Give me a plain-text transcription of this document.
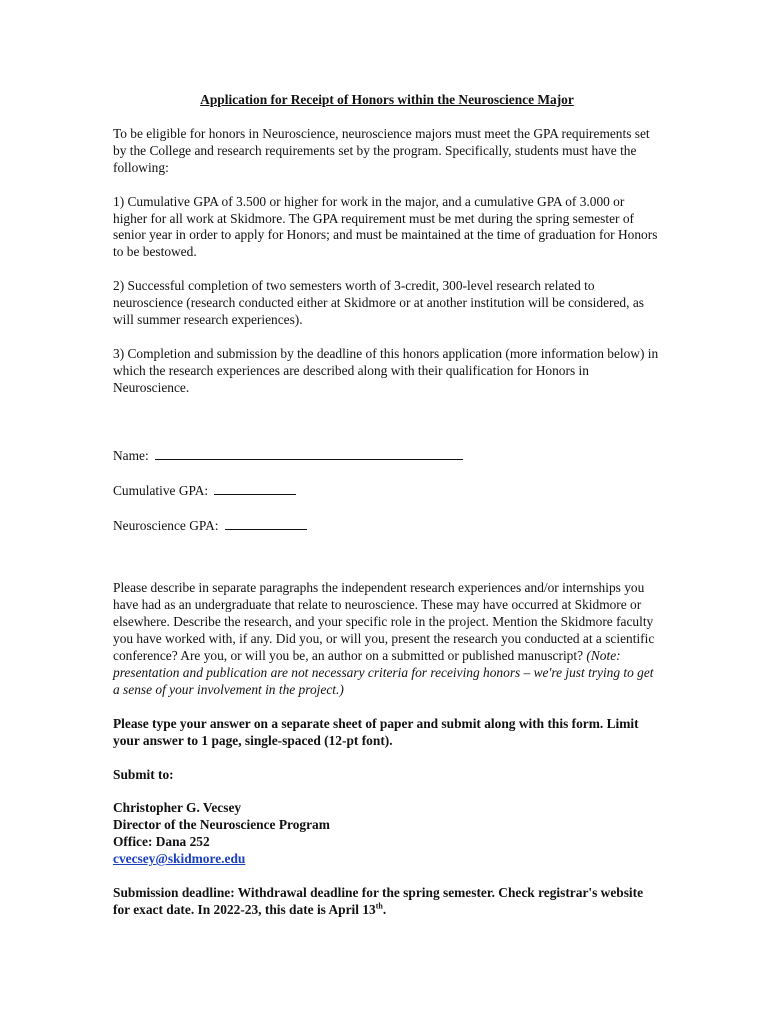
Application for Receipt of Honors within the Neuroscience Major

To be eligible for honors in Neuroscience, neuroscience majors must meet the GPA requirements set by the College and research requirements set by the program. Specifically, students must have the following:

1) Cumulative GPA of 3.500 or higher for work in the major, and a cumulative GPA of 3.000 or higher for all work at Skidmore. The GPA requirement must be met during the spring semester of senior year in order to apply for Honors; and must be maintained at the time of graduation for Honors to be bestowed.

2) Successful completion of two semesters worth of 3-credit, 300-level research related to neuroscience (research conducted either at Skidmore or at another institution will be considered, as will summer research experiences).

3) Completion and submission by the deadline of this honors application (more information below) in which the research experiences are described along with their qualification for Honors in Neuroscience.

Name:
Cumulative GPA:
Neuroscience GPA:

Please describe in separate paragraphs the independent research experiences and/or internships you have had as an undergraduate that relate to neuroscience. These may have occurred at Skidmore or elsewhere. Describe the research, and your specific role in the project. Mention the Skidmore faculty you have worked with, if any. Did you, or will you, present the research you conducted at a scientific conference? Are you, or will you be, an author on a submitted or published manuscript? (Note: presentation and publication are not necessary criteria for receiving honors – we're just trying to get a sense of your involvement in the project.)

Please type your answer on a separate sheet of paper and submit along with this form. Limit your answer to 1 page, single-spaced (12-pt font).

Submit to:

Christopher G. Vecsey
Director of the Neuroscience Program
Office: Dana 252
cvecsey@skidmore.edu

Submission deadline: Withdrawal deadline for the spring semester. Check registrar's website for exact date. In 2022-23, this date is April 13th.
